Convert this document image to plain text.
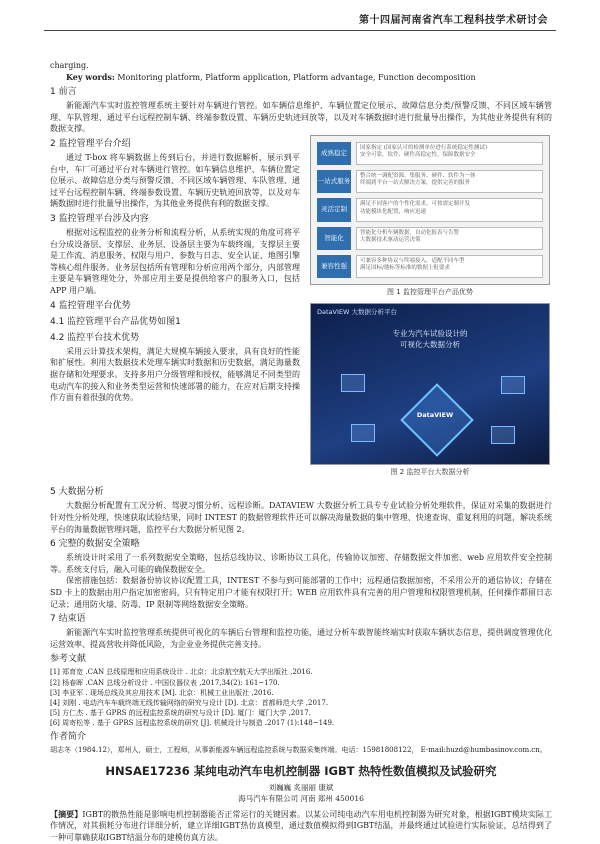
第十四届河南省汽车工程科技学术研讨会

charging.

Key words: Monitoring platform, Platform application, Platform advantage, Function decomposition

1 前言

新能源汽车实时监控管理系统主要针对车辆进行管控。如车辆信息维护、车辆位置定位展示、故障信息分类/预警反馈、不同区域车辆管理、车队管理、通过平台远程控制车辆、终端参数设置、车辆历史轨迹回放等，以及对车辆数据时进行批量导出操作，为其他业务提供有利的数据支撑。

2 监控管理平台介绍

通过 T-box 将车辆数据上传到后台，并进行数据解析，展示到平台中，车厂可通过平台对车辆进行管控。如车辆信息维护、车辆位置定位展示、故障信息分类与预警反馈、不同区域车辆管理、车队管理、通过平台远程控制车辆、终端参数设置、车辆历史轨迹回放等，以及对车辆数据时进行批量导出操作，为其他业务提供有利的数据支撑。

3 监控管理平台涉及内容

根据对远程监控的业务分析和流程分析，从系统实现的角度可将平台分成设备层、支撑层、业务层、设备层主要为车载终端，支撑层主要是工作流、消息服务、权限与用户、参数与日志、安全认证、地图引擎等核心组件服务。业务层包括所有管理和分析应用两个部分，内部管理主要是车辆管理处分，外部应用主要是提供给客户的服务入口，包括 APP 用户端。

4 监控管理平台优势
4.1 监控管理平台产品优势如图1
4.2 监控平台技术优势

采用云计算技术架构，满足大规模车辆接入要求，具有良好的性能和扩展性。利用大数据技术处理车辆实时数据和历史数据，满足海量数据存储和处理要求。支持多用户分级管理和授权，能够满足不同类型的电动汽车的接入和业务类型运营和快速部署的能力，在应对后期支持操作方面有着很强的优势。

成熟稳定
国家指定 (国家认可的检测单位进行系统稳定性测试)
安全可靠，软件、硬件高稳定性，保障数据安全
一站式服务
整合统一调配资源，集服务、硬件、软件为一体
终端到平台一站式解决方案，提供完善的服务
灵活定制
满足不同客户的个性化需求，可按需定制开发
功能模块化配置，响应迅速
智能化
智能化分析车辆数据，自动化报表与告警
大数据技术驱动运营决策
兼容性强
可兼容多种协议与终端接入，适配不同车型
满足国标/地标等标准的数据上报要求
图 1 监控管理平台产品优势
DataVIEW 大数据分析平台
专业为汽车试验设计的
可视化大数据分析
DataVIEW
图 2 监控平台大数据分析
5 大数据分析

大数据分析配置有工况分析、驾驶习惯分析、远程诊断。DATAVIEW 大数据分析工具专专业试验分析处理软件，保证对采集的数据进行针对性分析处理，快速获取试验结果，同时 INTEST 的数据管理软件还可以解决海量数据的集中管理、快速查询、重复利用的问题，解决系统平台的海量数据管理问题，监控平台大数据分析见图 2。

6 完整的数据安全策略

系统设计时采用了一系列数据安全策略，包括总线协议、诊断协议工具化，传输协议加密、存储数据文件加密、web 应用软件安全控制等。系统支付后，融入可能的确保数据安全。

保密措施包括：数据备份协议协议配置工具，INTEST 不参与到可能部署的工作中；远程通信数据加密，不采用公开的通信协议；存储在 SD 卡上的数据由用户指定加密密码，只有特定用户才能有权限打开；WEB 应用软件具有完善的用户管理和权限管理机制，任何操作都留日志记录；通用防火墙、防毒、IP 限制等网络数据安全策略。

7 结束语

新能源汽车实时监控管理系统提供可视化的车辆后台管理和监控功能，通过分析车载智能终端实时获取车辆状态信息，提供调度管理优化运营效率、提高营收并降低风险，为企业业务提供完善支持。

参考文献

[1] 郑育宽 .CAN 总线原理和应用系统设计 . 北京：北京航空航天大学出版社 ,2016.

[2] 杨春晖 .CAN 总线分析设计 . 中国仪器仪表 ,2017,34(2): 161~170.

[3] 李亚军 . 现场总线及其应用技术 [M]. 北京：机械工业出版社 ,2016.

[4] 刘刚 . 电动汽车车载终端无线传输网络的研究与设计 [D]. 北京：首都师范大学 ,2017.

[5] 方仁杰 . 基于 GPRS 的远程监控系统的研究与设计 [D]. 厦门：厦门大学 ,2017.

[6] 周寄松等 . 基于 GPRS 远程监控系统的研究 [J]. 机械设计与制造 .2017 (1):148~149.

作者简介

胡志冬（1984.12），郑州人，硕士，工程师，从事新能源车辆远程监控系统与数据采集终端。电话：15981808122， E-mail:huzd@humbasinov.com.cn。

HNSAE17236 某纯电动汽车电机控制器 IGBT 热特性数值模拟及试验研究

刘巍巍 炙丽丽 康斌

海马汽车有限公司 河南 郑州 450016

【摘要】IGBT的散热性能是影响电机控制器能否正常运行的关键因素。以某公司纯电动汽车用电机控制器为研究对象，根据IGBT模块实际工作情况，对其损耗分布进行详细分析，建立详细IGBT热仿真模型，通过数值模拟得到IGBT结温，并最终通过试验进行实际验证，总结得到了一种可靠确获取IGBT结温分布的建模仿真方法。
